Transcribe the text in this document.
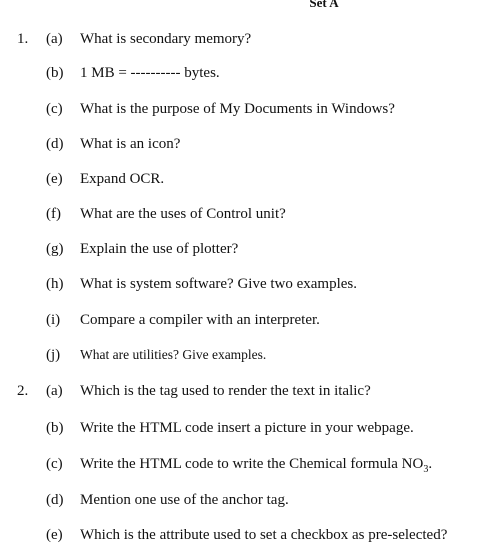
Set A
1. (a) What is secondary memory?
(b) 1 MB = ---------- bytes.
(c) What is the purpose of My Documents in Windows?
(d) What is an icon?
(e) Expand OCR.
(f) What are the uses of Control unit?
(g) Explain the use of plotter?
(h) What is system software? Give two examples.
(i) Compare a compiler with an interpreter.
(j) What are utilities? Give examples.
2. (a) Which is the tag used to render the text in italic?
(b) Write the HTML code insert a picture in your webpage.
(c) Write the HTML code to write the Chemical formula $NO_3$.
(d) Mention one use of the anchor tag.
(e) Which is the attribute used to set a checkbox as pre-selected?
